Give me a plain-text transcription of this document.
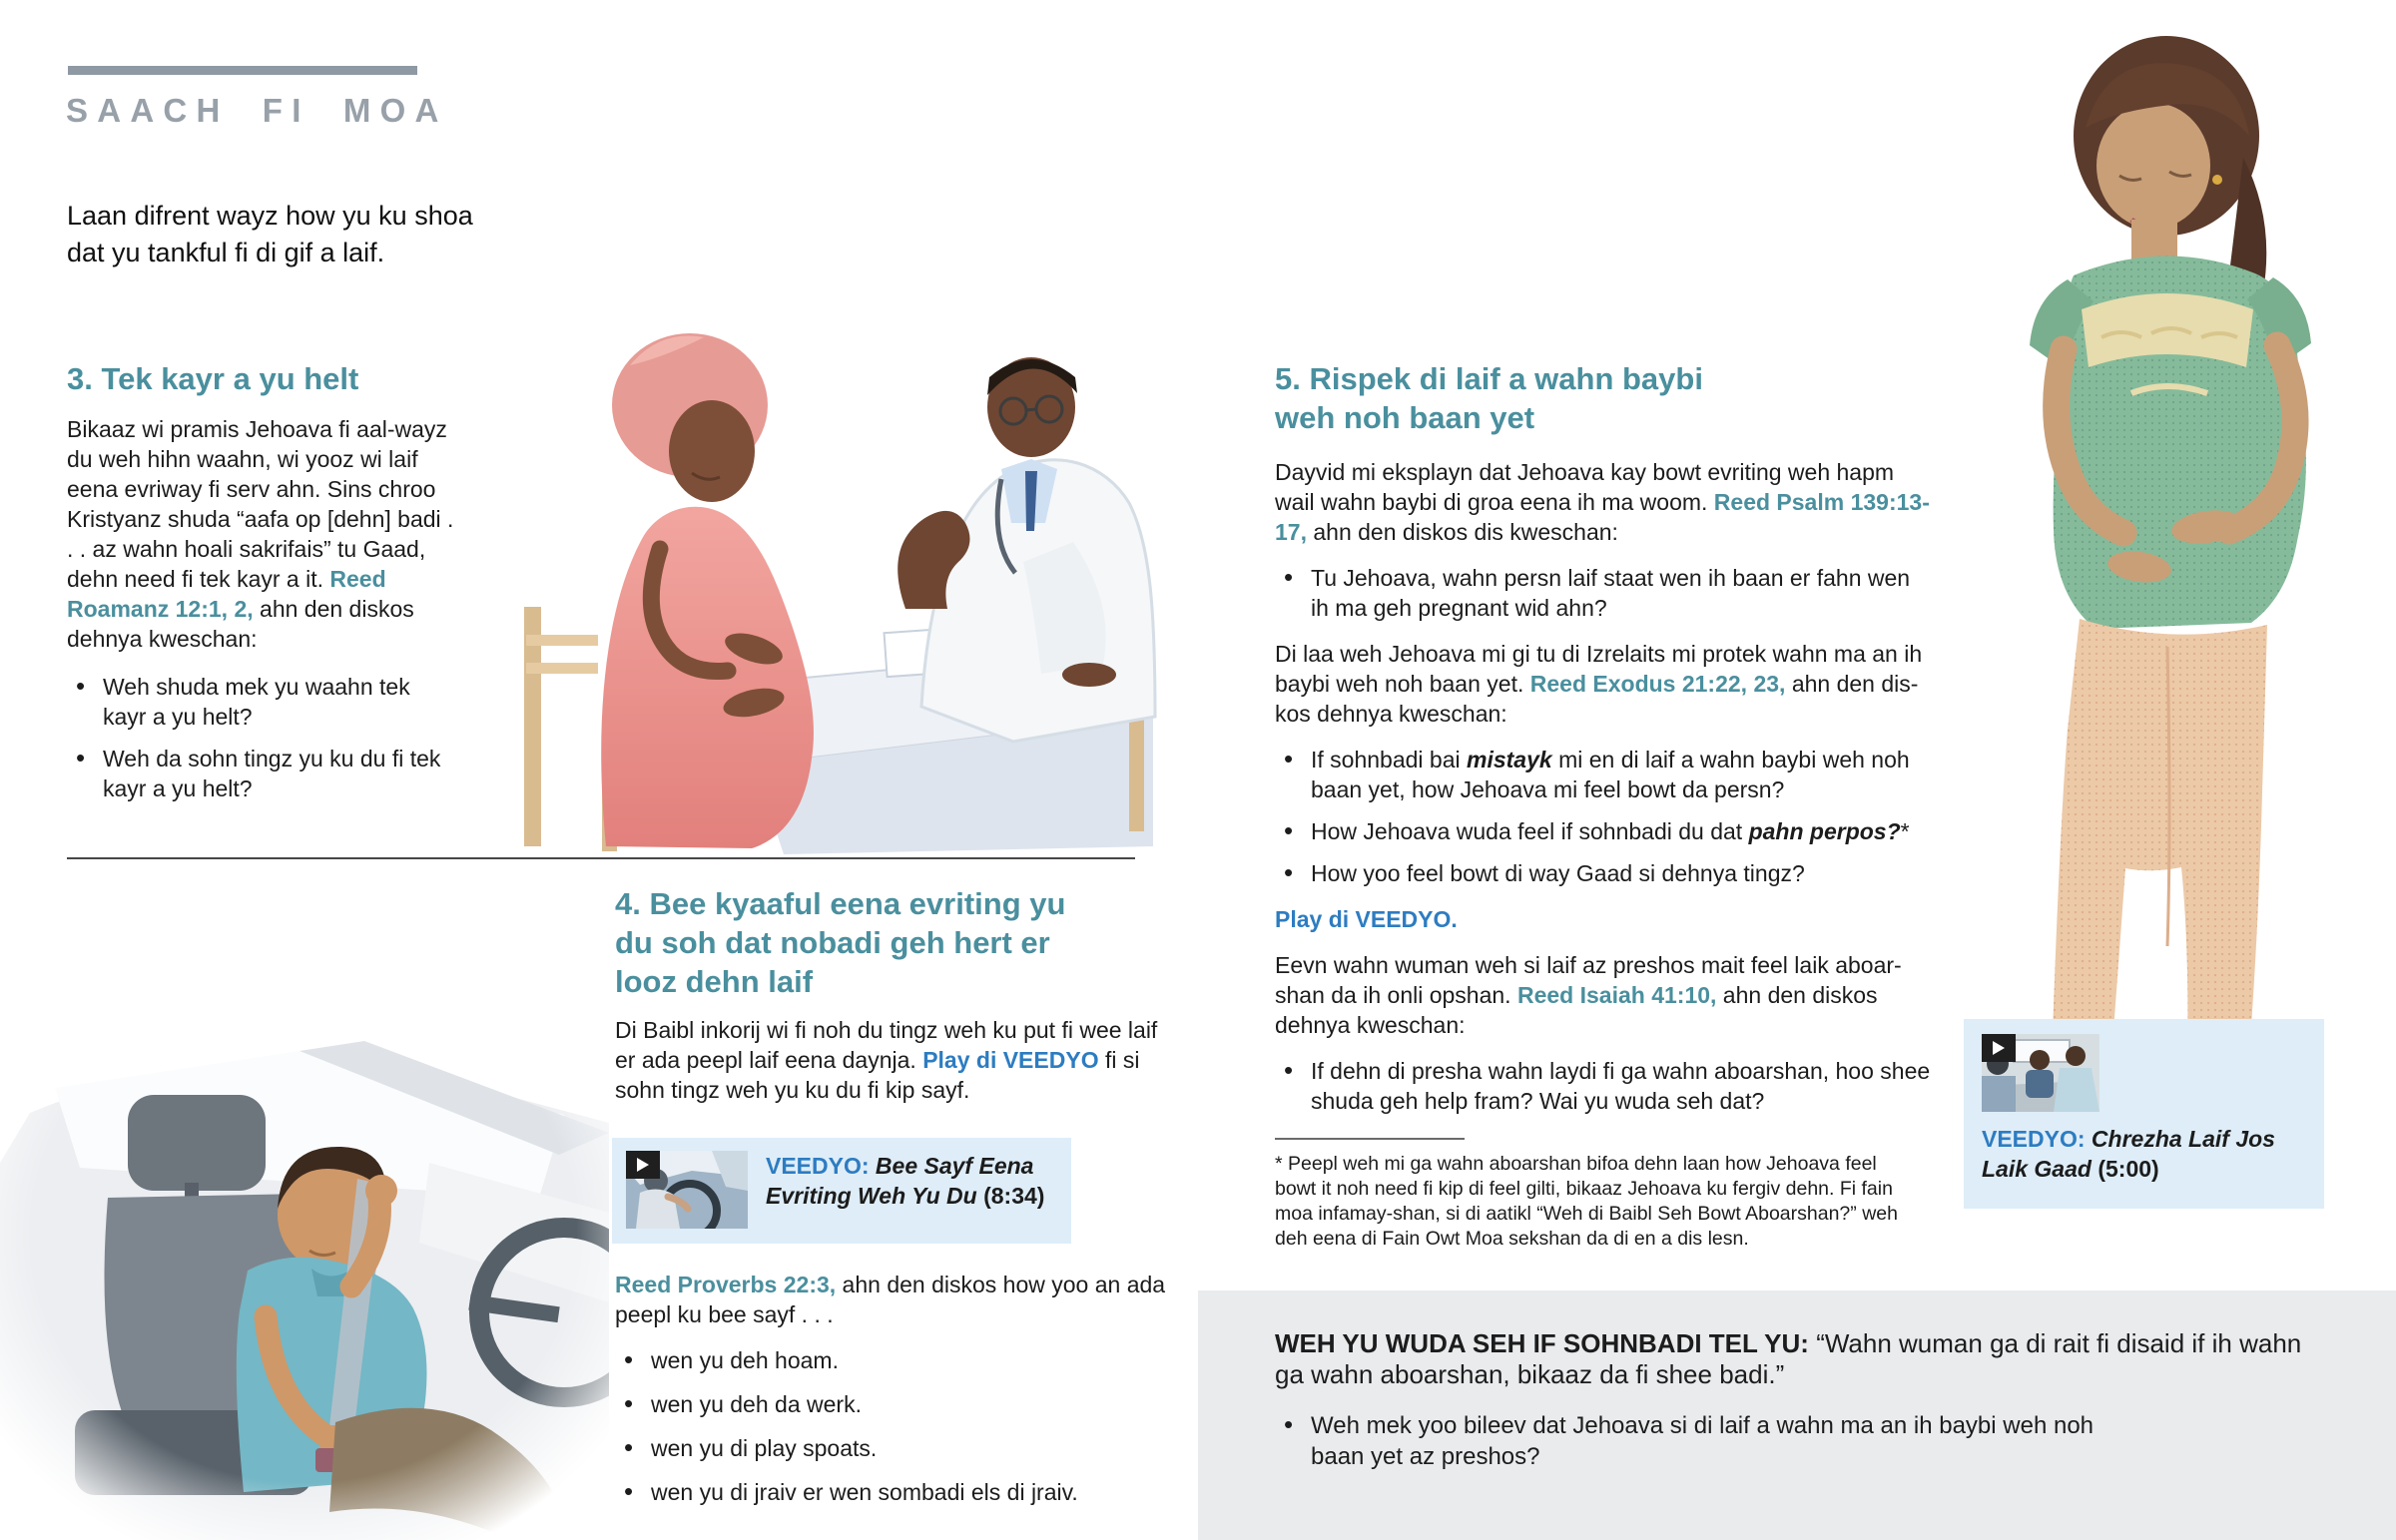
SAACH FI MOA
Laan difrent wayz how yu ku shoa dat yu tankful fi di gif a laif.
3. Tek kayr a yu helt

Bikaaz wi pramis Jehoava fi aal-wayz du weh hihn waahn, wi yooz wi laif eena evriway fi serv ahn. Sins chroo Kristyanz shuda “aafa op [dehn] badi . . . az wahn hoali sakrifais” tu Gaad, dehn need fi tek kayr a it. Reed Roamanz 12:1, 2, ahn den diskos dehnya kweschan:

• Weh shuda mek yu waahn tek kayr a yu helt?
• Weh da sohn tingz yu ku du fi tek kayr a yu helt?
4. Bee kyaaful eena evriting yu du soh dat nobadi geh hert er looz dehn laif

Di Baibl inkorij wi fi noh du tingz weh ku put fi wee laif er ada peepl laif eena daynja. Play di VEEDYO fi si sohn tingz weh yu ku du fi kip sayf.

VEEDYO: Bee Sayf Eena Evriting Weh Yu Du (8:34)

Reed Proverbs 22:3, ahn den diskos how yoo an ada peepl ku bee sayf . . .

• wen yu deh hoam.
• wen yu deh da werk.
• wen yu di play spoats.
• wen yu di jraiv er wen sombadi els di jraiv.
5. Rispek di laif a wahn baybi weh noh baan yet

Dayvid mi eksplayn dat Jehoava kay bowt evriting weh hapm wail wahn baybi di groa eena ih ma woom. Reed Psalm 139:13-17, ahn den diskos dis kweschan:

• Tu Jehoava, wahn persn laif staat wen ih baan er fahn wen ih ma geh pregnant wid ahn?

Di laa weh Jehoava mi gi tu di Izrelaits mi protek wahn ma an ih baybi weh noh baan yet. Reed Exodus 21:22, 23, ahn den dis-kos dehnya kweschan:

• If sohnbadi bai mistayk mi en di laif a wahn baybi weh noh baan yet, how Jehoava mi feel bowt da persn?
• How Jehoava wuda feel if sohnbadi du dat pahn perpos?*
• How yoo feel bowt di way Gaad si dehnya tingz?

Play di VEEDYO.

Eevn wahn wuman weh si laif az preshos mait feel laik aboar-shan da ih onli opshan. Reed Isaiah 41:10, ahn den diskos dehnya kweschan:

• If dehn di presha wahn laydi fi ga wahn aboarshan, hoo shee shuda geh help fram? Wai yu wuda seh dat?

* Peepl weh mi ga wahn aboarshan bifoa dehn laan how Jehoava feel bowt it noh need fi kip di feel gilti, bikaaz Jehoava ku fergiv dehn. Fi fain moa infamay-shan, si di aatikl “Weh di Baibl Seh Bowt Aboarshan?” weh deh eena di Fain Owt Moa sekshan da di en a dis lesn.

VEEDYO: Chrezha Laif Jos Laik Gaad (5:00)

WEH YU WUDA SEH IF SOHNBADI TEL YU: “Wahn wuman ga di rait fi disaid if ih wahn ga wahn aboarshan, bikaaz da fi shee badi.”

• Weh mek yoo bileev dat Jehoava si di laif a wahn ma an ih baybi weh noh baan yet az preshos?
